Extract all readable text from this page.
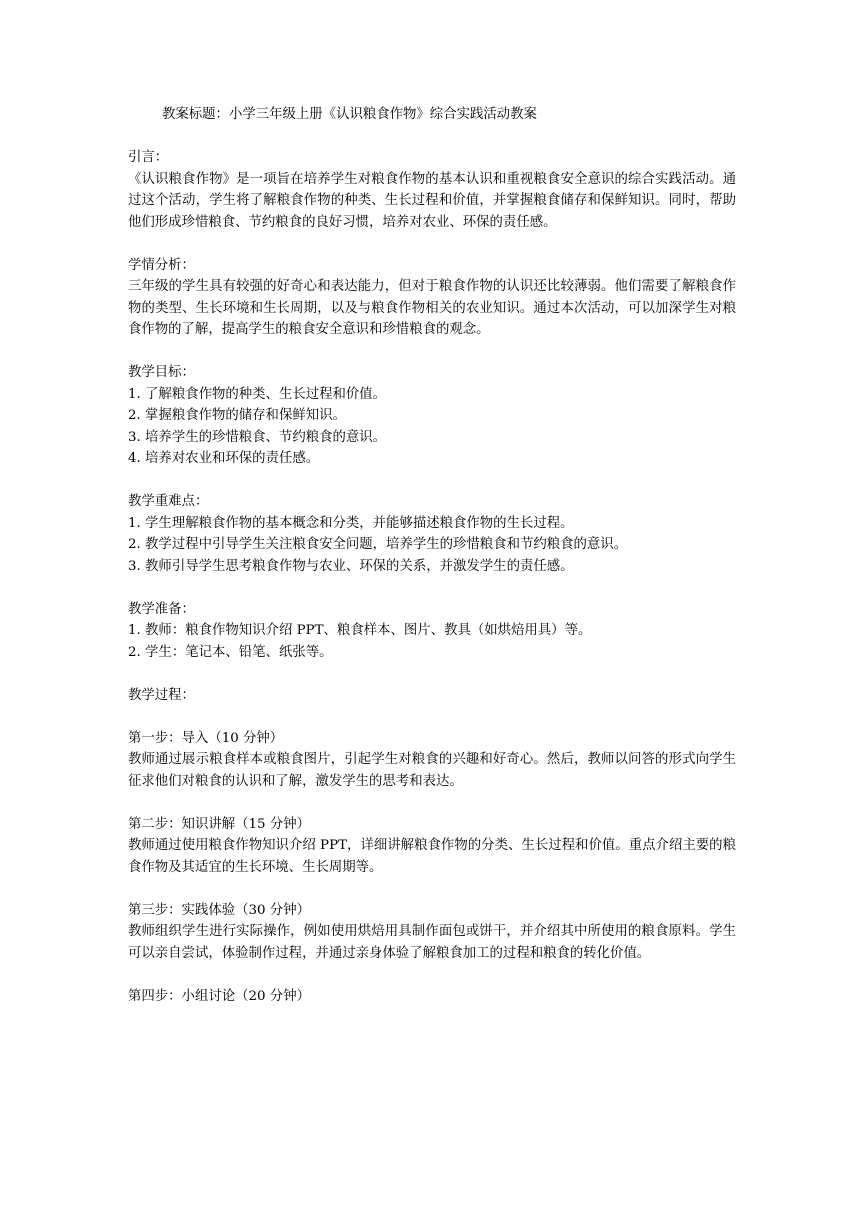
教案标题：小学三年级上册《认识粮食作物》综合实践活动教案

引言：

《认识粮食作物》是一项旨在培养学生对粮食作物的基本认识和重视粮食安全意识的综合实践活动。通过这个活动，学生将了解粮食作物的种类、生长过程和价值，并掌握粮食储存和保鲜知识。同时，帮助他们形成珍惜粮食、节约粮食的良好习惯，培养对农业、环保的责任感。

学情分析：

三年级的学生具有较强的好奇心和表达能力，但对于粮食作物的认识还比较薄弱。他们需要了解粮食作物的类型、生长环境和生长周期，以及与粮食作物相关的农业知识。通过本次活动，可以加深学生对粮食作物的了解，提高学生的粮食安全意识和珍惜粮食的观念。

教学目标：

1. 了解粮食作物的种类、生长过程和价值。

2. 掌握粮食作物的储存和保鲜知识。

3. 培养学生的珍惜粮食、节约粮食的意识。

4. 培养对农业和环保的责任感。

教学重难点：

1. 学生理解粮食作物的基本概念和分类，并能够描述粮食作物的生长过程。

2. 教学过程中引导学生关注粮食安全问题，培养学生的珍惜粮食和节约粮食的意识。

3. 教师引导学生思考粮食作物与农业、环保的关系，并激发学生的责任感。

教学准备：

1. 教师：粮食作物知识介绍 PPT、粮食样本、图片、教具（如烘焙用具）等。

2. 学生：笔记本、铅笔、纸张等。

教学过程：

第一步：导入（10 分钟）

教师通过展示粮食样本或粮食图片，引起学生对粮食的兴趣和好奇心。然后，教师以问答的形式向学生征求他们对粮食的认识和了解，激发学生的思考和表达。

第二步：知识讲解（15 分钟）

教师通过使用粮食作物知识介绍 PPT，详细讲解粮食作物的分类、生长过程和价值。重点介绍主要的粮食作物及其适宜的生长环境、生长周期等。

第三步：实践体验（30 分钟）

教师组织学生进行实际操作，例如使用烘焙用具制作面包或饼干，并介绍其中所使用的粮食原料。学生可以亲自尝试，体验制作过程，并通过亲身体验了解粮食加工的过程和粮食的转化价值。

第四步：小组讨论（20 分钟）
